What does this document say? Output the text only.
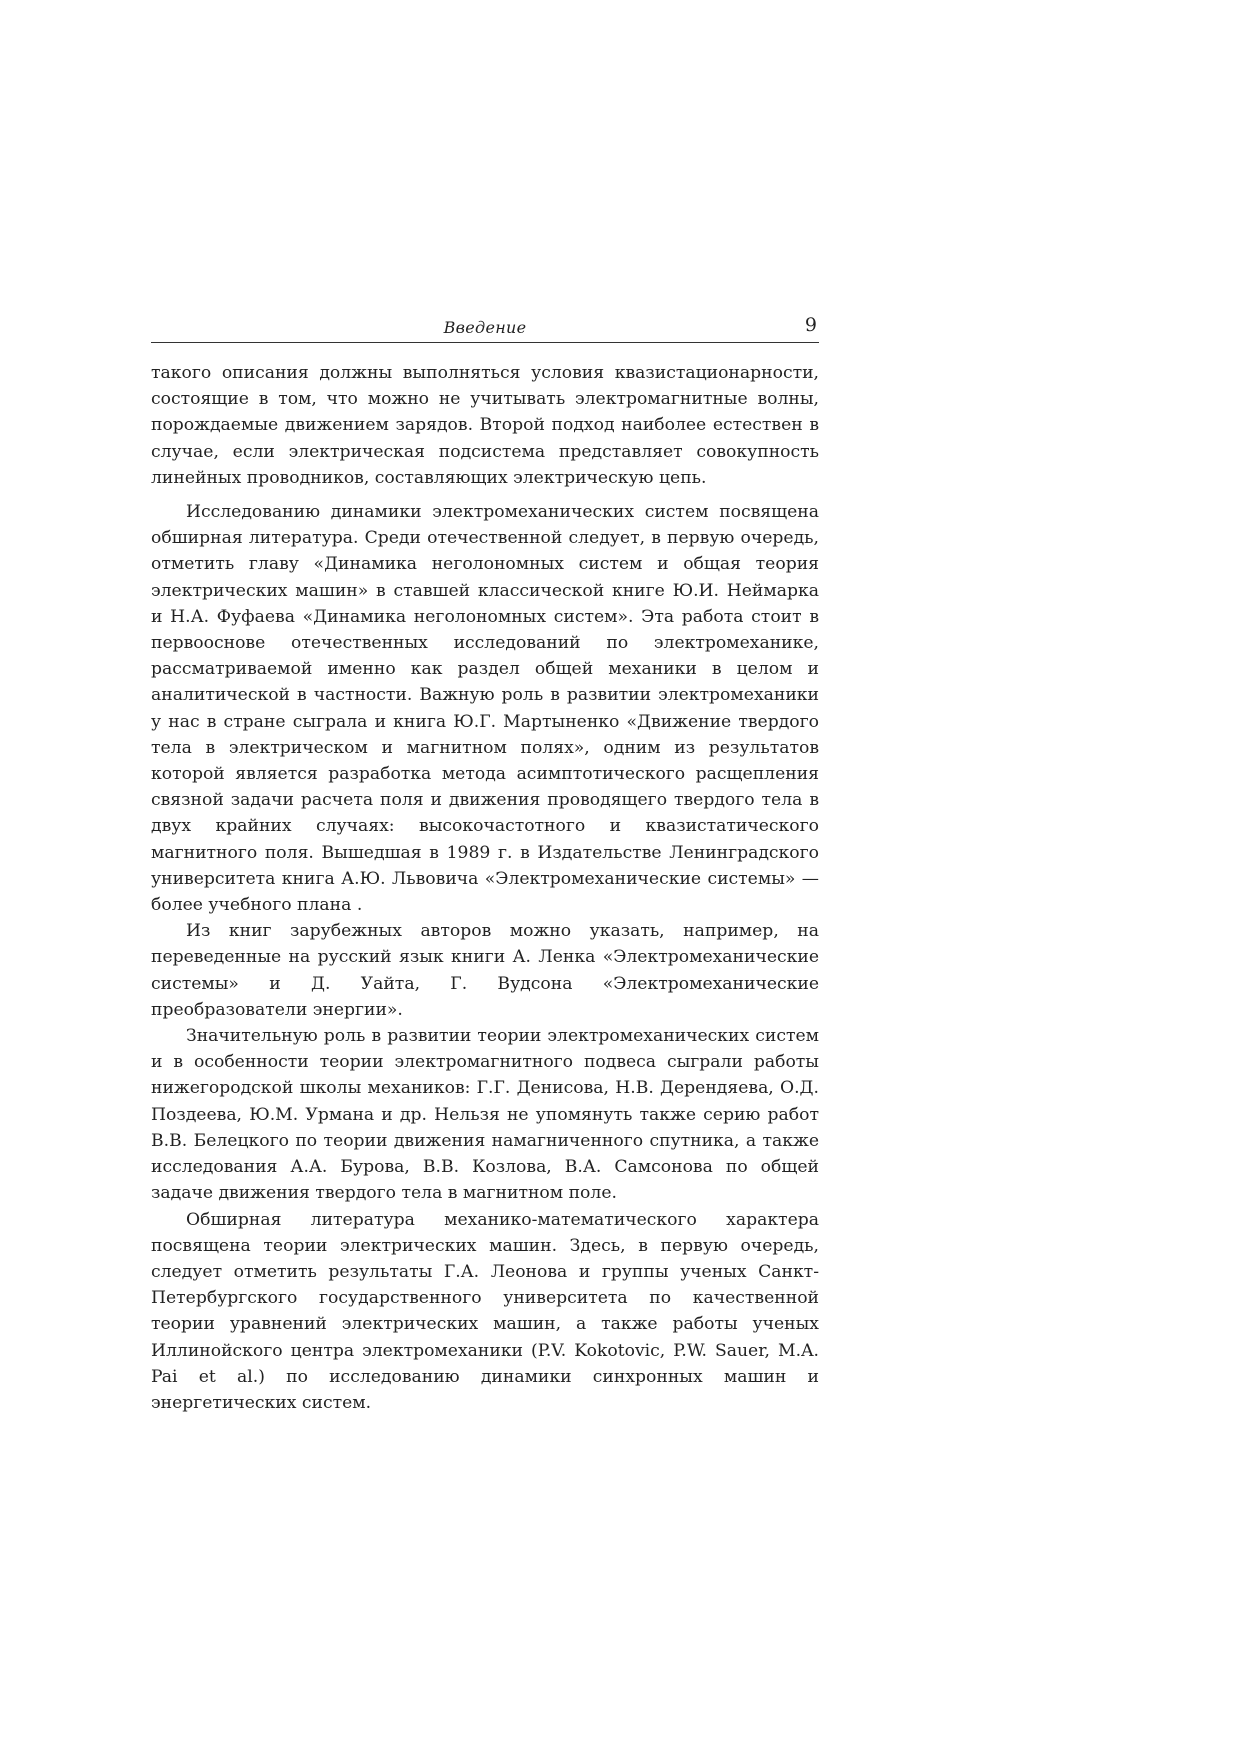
Введение	9

такого описания должны выполняться условия квазистационарности, состоящие в том, что можно не учитывать электромагнитные волны, порождаемые движением зарядов. Второй подход наиболее естествен в случае, если электрическая подсистема представляет совокупность линейных проводников, составляющих электрическую цепь.

Исследованию динамики электромеханических систем посвящена обширная литература. Среди отечественной следует, в первую очередь, отметить главу «Динамика неголономных систем и общая теория электрических машин» в ставшей классической книге Ю.И. Неймарка и Н.А. Фуфаева «Динамика неголономных систем». Эта работа стоит в первооснове отечественных исследований по электромеханике, рассматриваемой именно как раздел общей механики в целом и аналитической в частности. Важную роль в развитии электромеханики у нас в стране сыграла и книга Ю.Г. Мартыненко «Движение твердого тела в электрическом и магнитном полях», одним из результатов которой является разработка метода асимптотического расщепления связной задачи расчета поля и движения проводящего твердого тела в двух крайних случаях: высокочастотного и квазистатического магнитного поля. Вышедшая в 1989 г. в Издательстве Ленинградского университета книга А.Ю. Львовича «Электромеханические системы» — более учебного плана .

Из книг зарубежных авторов можно указать, например, на переведенные на русский язык книги А. Ленка «Электромеханические системы» и Д. Уайта, Г. Вудсона «Электромеханические преобразователи энергии».

Значительную роль в развитии теории электромеханических систем и в особенности теории электромагнитного подвеса сыграли работы нижегородской школы механиков: Г.Г. Денисова, Н.В. Дерендяева, О.Д. Поздеева, Ю.М. Урмана и др. Нельзя не упомянуть также серию работ В.В. Белецкого по теории движения намагниченного спутника, а также исследования А.А. Бурова, В.В. Козлова, В.А. Самсонова по общей задаче движения твердого тела в магнитном поле.

Обширная литература механико-математического характера посвящена теории электрических машин. Здесь, в первую очередь, следует отметить результаты Г.А. Леонова и группы ученых Санкт-Петербургского государственного университета по качественной теории уравнений электрических машин, а также работы ученых Иллинойского центра электромеханики (P.V. Kokotovic, P.W. Sauer, M.A. Pai et al.) по исследованию динамики синхронных машин и энергетических систем.
